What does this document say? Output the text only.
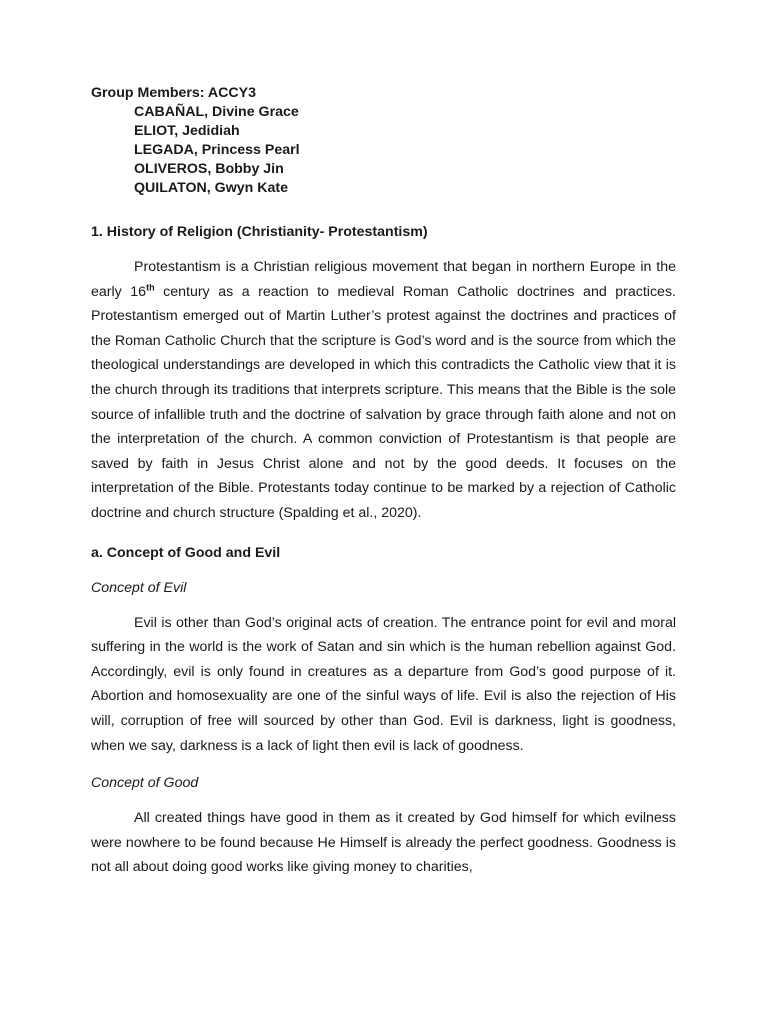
Group Members: ACCY3

CABAÑAL, Divine Grace
ELIOT, Jedidiah
LEGADA, Princess Pearl
OLIVEROS, Bobby Jin
QUILATON, Gwyn Kate

1. History of Religion (Christianity- Protestantism)

Protestantism is a Christian religious movement that began in northern Europe in the early 16th century as a reaction to medieval Roman Catholic doctrines and practices. Protestantism emerged out of Martin Luther’s protest against the doctrines and practices of the Roman Catholic Church that the scripture is God’s word and is the source from which the theological understandings are developed in which this contradicts the Catholic view that it is the church through its traditions that interprets scripture. This means that the Bible is the sole source of infallible truth and the doctrine of salvation by grace through faith alone and not on the interpretation of the church. A common conviction of Protestantism is that people are saved by faith in Jesus Christ alone and not by the good deeds. It focuses on the interpretation of the Bible. Protestants today continue to be marked by a rejection of Catholic doctrine and church structure (Spalding et al., 2020).

a. Concept of Good and Evil

Concept of Evil

Evil is other than God’s original acts of creation. The entrance point for evil and moral suffering in the world is the work of Satan and sin which is the human rebellion against God. Accordingly, evil is only found in creatures as a departure from God’s good purpose of it. Abortion and homosexuality are one of the sinful ways of life. Evil is also the rejection of His will, corruption of free will sourced by other than God. Evil is darkness, light is goodness, when we say, darkness is a lack of light then evil is lack of goodness.

Concept of Good

All created things have good in them as it created by God himself for which evilness were nowhere to be found because He Himself is already the perfect goodness. Goodness is not all about doing good works like giving money to charities,
